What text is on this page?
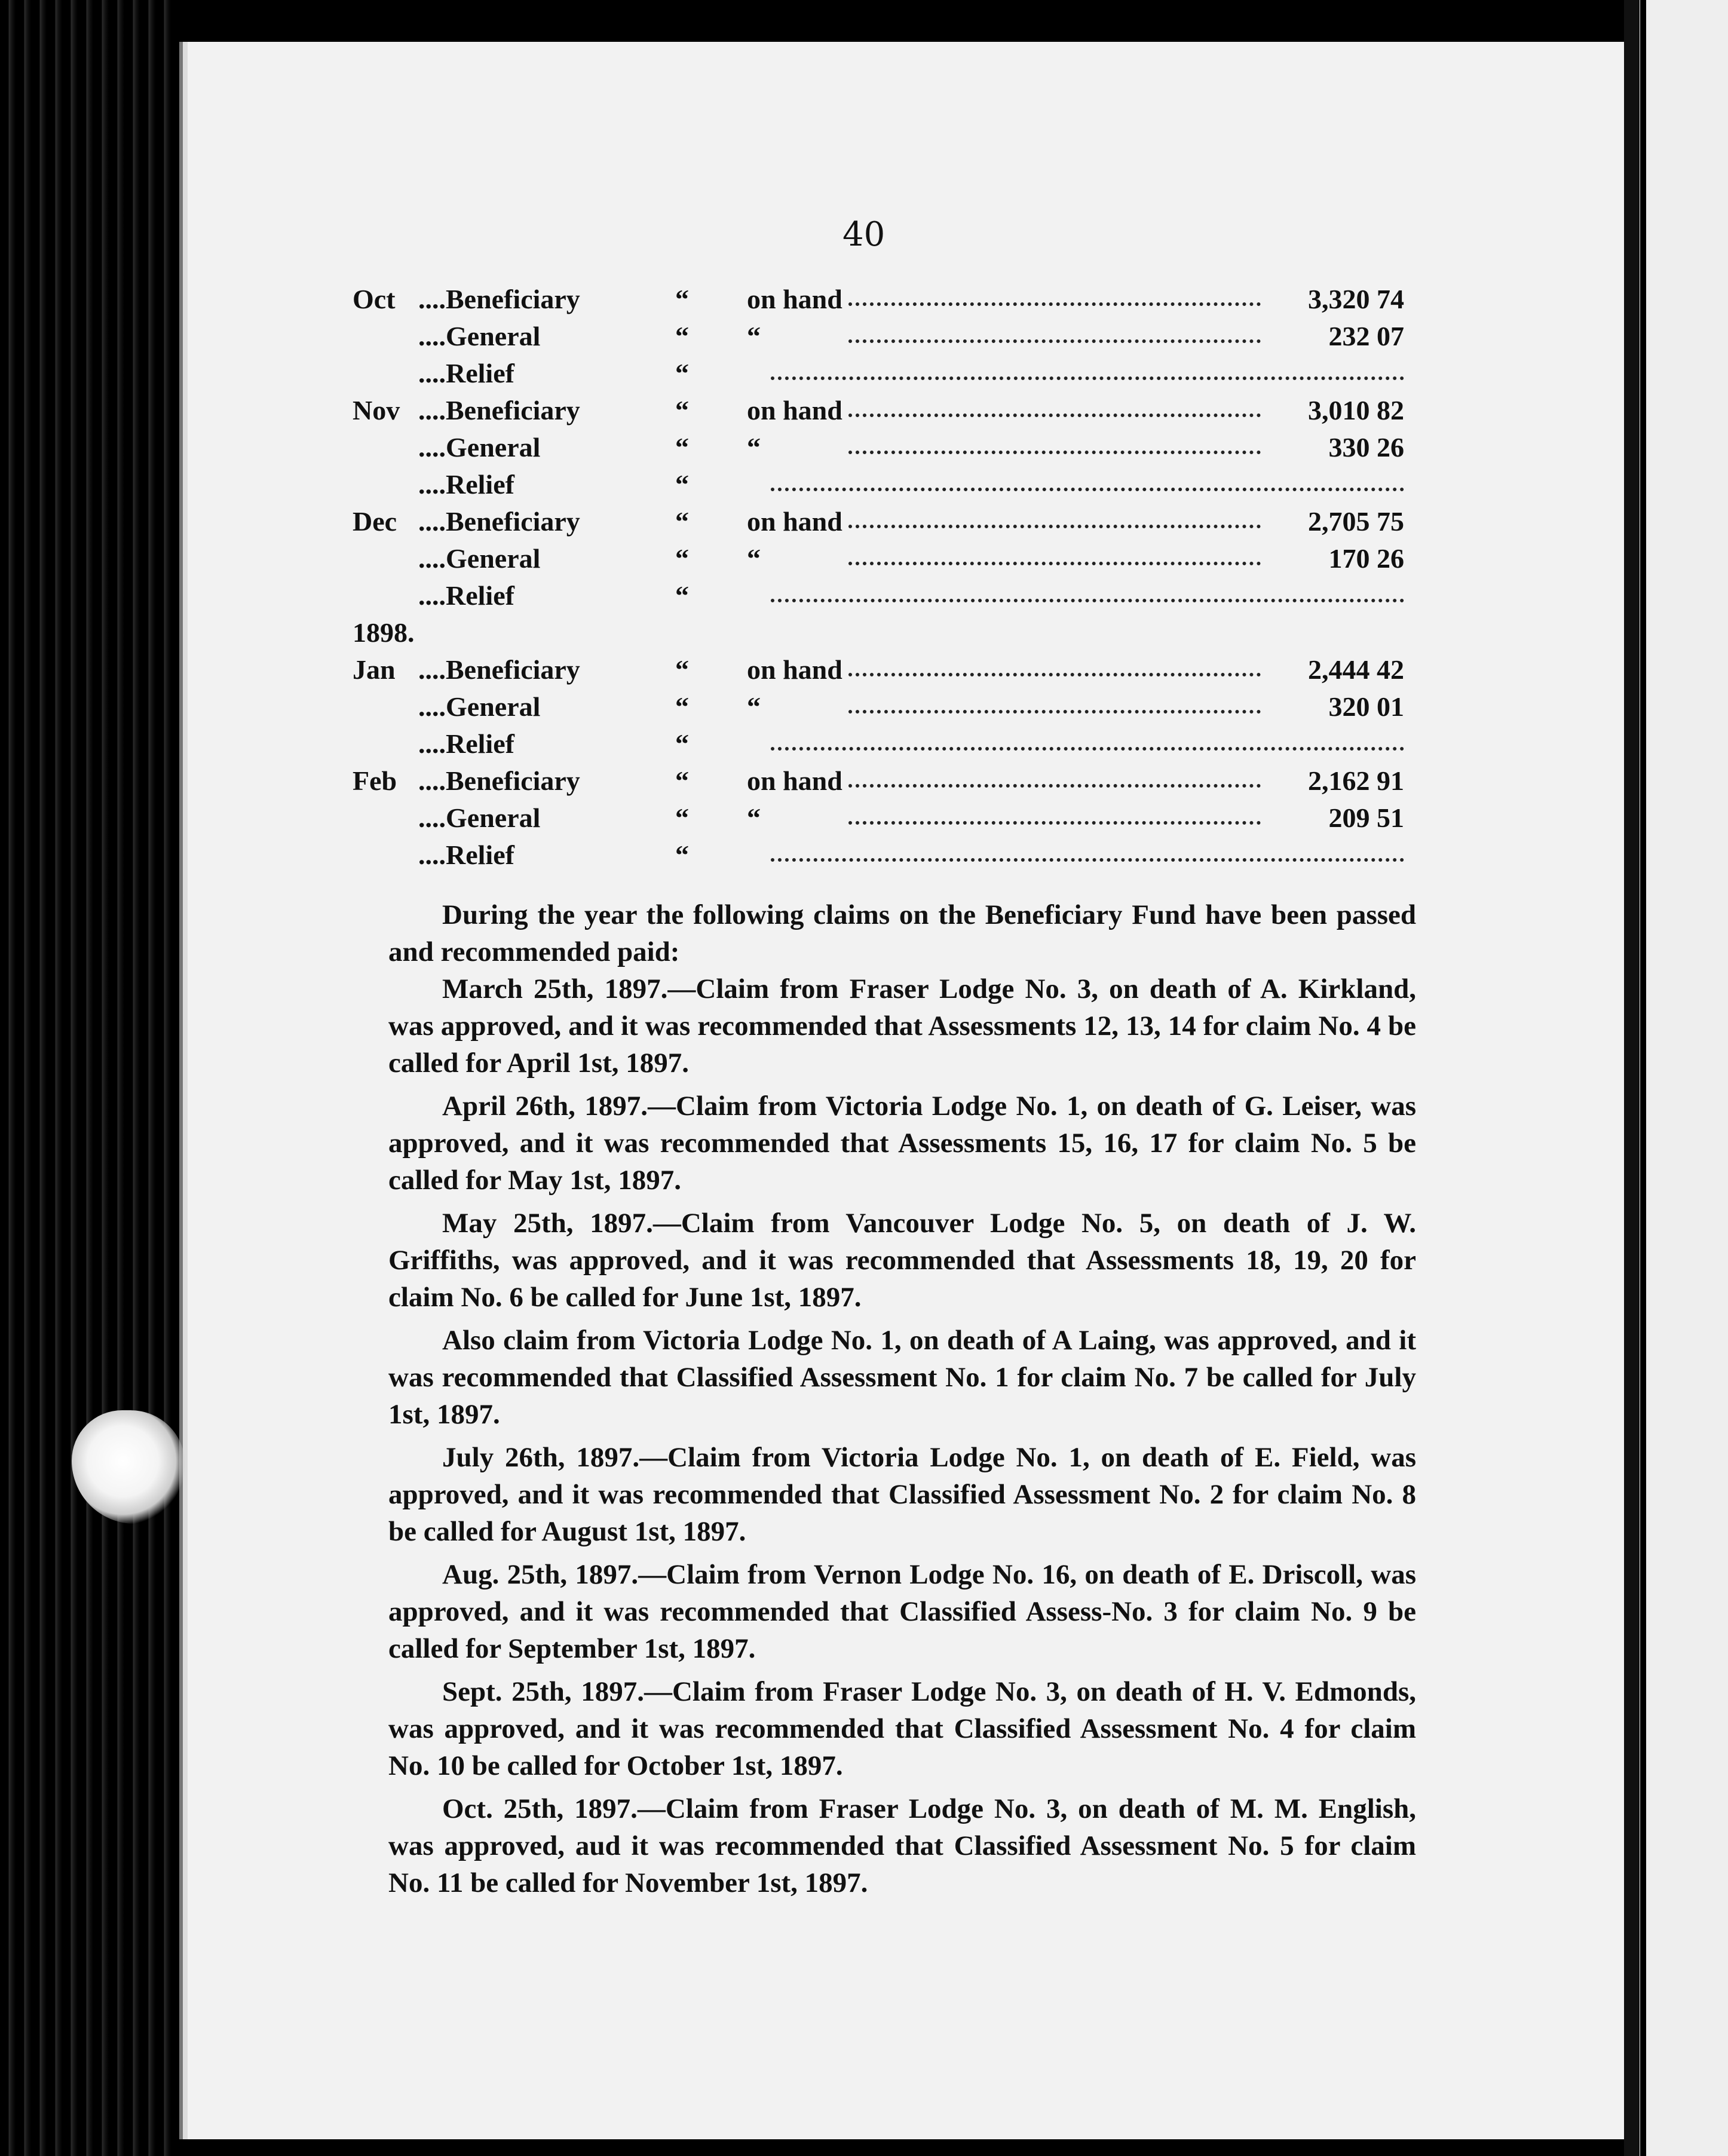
40
Oct ....Beneficiary	“ on hand	3,320 74
....General	“ “	232 07
....Relief	“
Nov ....Beneficiary	“ on hand	3,010 82
....General	“ “	330 26
....Relief	“
Dec ....Beneficiary	“ on hand	2,705 75
....General	“ “	170 26
....Relief	“
1898.
Jan ....Beneficiary	“ on hand	2,444 42
....General	“ “	320 01
....Relief	“
Feb ....Beneficiary	“ on hand	2,162 91
....General	“ “	209 51
....Relief	“

During the year the following claims on the Beneficiary Fund have been passed and recommended paid:

March 25th, 1897.—Claim from Fraser Lodge No. 3, on death of A. Kirkland, was approved, and it was recommended that Assessments 12, 13, 14 for claim No. 4 be called for April 1st, 1897.

April 26th, 1897.—Claim from Victoria Lodge No. 1, on death of G. Leiser, was approved, and it was recommended that Assessments 15, 16, 17 for claim No. 5 be called for May 1st, 1897.

May 25th, 1897.—Claim from Vancouver Lodge No. 5, on death of J. W. Griffiths, was approved, and it was recommended that Assessments 18, 19, 20 for claim No. 6 be called for June 1st, 1897.

Also claim from Victoria Lodge No. 1, on death of A Laing, was approved, and it was recommended that Classified Assessment No. 1 for claim No. 7 be called for July 1st, 1897.

July 26th, 1897.—Claim from Victoria Lodge No. 1, on death of E. Field, was approved, and it was recommended that Classified Assessment No. 2 for claim No. 8 be called for August 1st, 1897.

Aug. 25th, 1897.—Claim from Vernon Lodge No. 16, on death of E. Driscoll, was approved, and it was recommended that Classified Assess-No. 3 for claim No. 9 be called for September 1st, 1897.

Sept. 25th, 1897.—Claim from Fraser Lodge No. 3, on death of H. V. Edmonds, was approved, and it was recommended that Classified Assessment No. 4 for claim No. 10 be called for October 1st, 1897.

Oct. 25th, 1897.—Claim from Fraser Lodge No. 3, on death of M. M. English, was approved, aud it was recommended that Classified Assessment No. 5 for claim No. 11 be called for November 1st, 1897.
